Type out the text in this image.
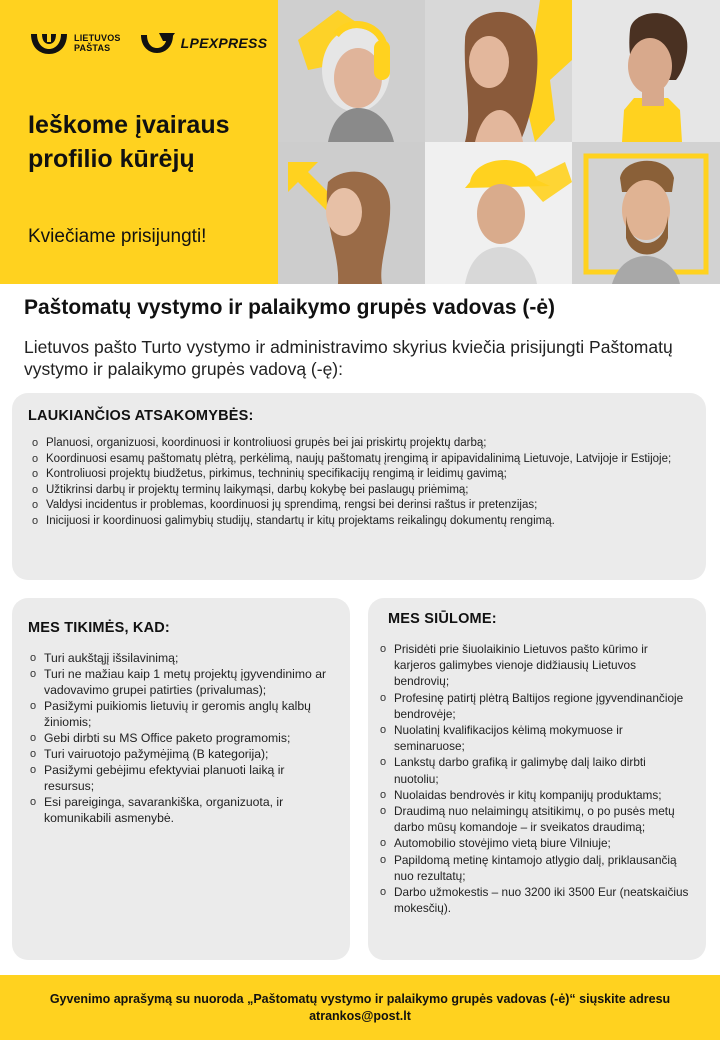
LIETUVOS
PAŠTAS	LPEXPRESS
Ieškome įvairaus profilio kūrėjų
Kviečiame prisijungti!
Paštomatų vystymo ir palaikymo grupės vadovas (-ė)

Lietuvos pašto Turto vystymo ir administravimo skyrius kviečia prisijungti Paštomatų vystymo ir palaikymo grupės vadovą (-ę):

LAUKIANČIOS ATSAKOMYBĖS:
o Planuosi, organizuosi, koordinuosi ir kontroliuosi grupės bei jai priskirtų projektų darbą;
o Koordinuosi esamų paštomatų plėtrą, perkėlimą, naujų paštomatų įrengimą ir apipavidalinimą Lietuvoje, Latvijoje ir Estijoje;
o Kontroliuosi projektų biudžetus, pirkimus, techninių specifikacijų rengimą ir leidimų gavimą;
o Užtikrinsi darbų ir projektų terminų laikymąsi, darbų kokybę bei paslaugų priėmimą;
o Valdysi incidentus ir problemas, koordinuosi jų sprendimą, rengsi bei derinsi raštus ir pretenzijas;
o Inicijuosi ir koordinuosi galimybių studijų, standartų ir kitų projektams reikalingų dokumentų rengimą.
MES TIKIMĖS, KAD:
o Turi aukštąjį išsilavinimą;
o Turi ne mažiau kaip 1 metų projektų įgyvendinimo ar vadovavimo grupei patirties (privalumas);
o Pasižymi puikiomis lietuvių ir geromis anglų kalbų žiniomis;
o Gebi dirbti su MS Office paketo programomis;
o Turi vairuotojo pažymėjimą (B kategorija);
o Pasižymi gebėjimu efektyviai planuoti laiką ir resursus;
o Esi pareiginga, savarankiška, organizuota, ir komunikabili asmenybė.
MES SIŪLOME:
o Prisidėti prie šiuolaikinio Lietuvos pašto kūrimo ir karjeros galimybes vienoje didžiausių Lietuvos bendrovių;
o Profesinę patirtį plėtrą Baltijos regione įgyvendinančioje bendrovėje;
o Nuolatinį kvalifikacijos kėlimą mokymuose ir seminaruose;
o Lankstų darbo grafiką ir galimybę dalį laiko dirbti nuotoliu;
o Nuolaidas bendrovės ir kitų kompanijų produktams;
o Draudimą nuo nelaimingų atsitikimų, o po pusės metų darbo mūsų komandoje – ir sveikatos draudimą;
o Automobilio stovėjimo vietą biure Vilniuje;
o Papildomą metinę kintamojo atlygio dalį, priklausančią nuo rezultatų;
o Darbo užmokestis – nuo 3200 iki 3500 Eur (neatskaičius mokesčių).

Gyvenimo aprašymą su nuoroda „Paštomatų vystymo ir palaikymo grupės vadovas (-ė)“ siųskite adresu

atrankos@post.lt
